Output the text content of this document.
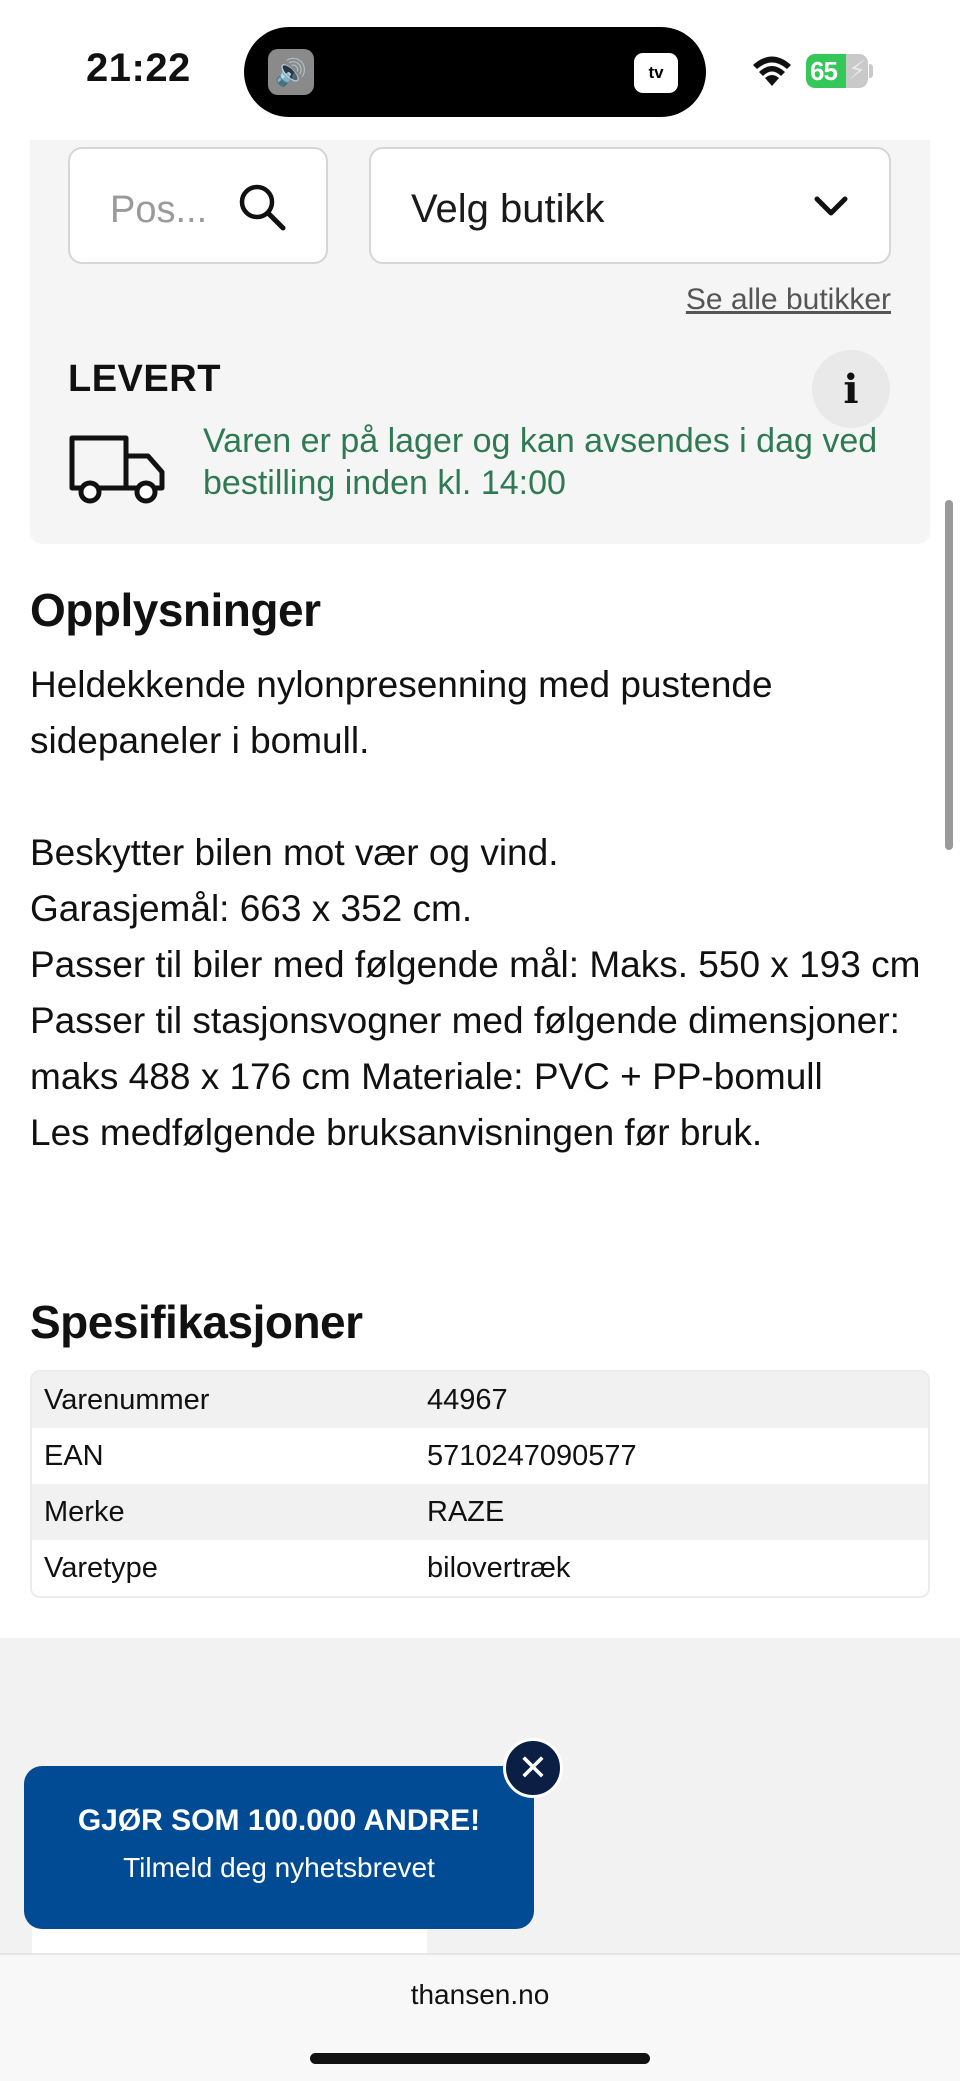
21:22	🔊	tv	65 ⚡
Pos...	Velg butikk
Se alle butikker
LEVERT	i
Varen er på lager og kan avsendes i dag ved bestilling inden kl. 14:00
Opplysninger
Heldekkende nylonpresenning med pustende sidepaneler i bomull.
Beskytter bilen mot vær og vind.
Garasjemål: 663 x 352 cm.
Passer til biler med følgende mål: Maks. 550 x 193 cm Passer til stasjonsvogner med følgende dimensjoner: maks 488 x 176 cm Materiale: PVC + PP-bomull
Les medfølgende bruksanvisningen før bruk.
Spesifikasjoner
Varenummer	44967
EAN	5710247090577
Merke	RAZE
Varetype	bilovertræk
GJØR SOM 100.000 ANDRE!
Tilmeld deg nyhetsbrevet
✕
thansen.no
